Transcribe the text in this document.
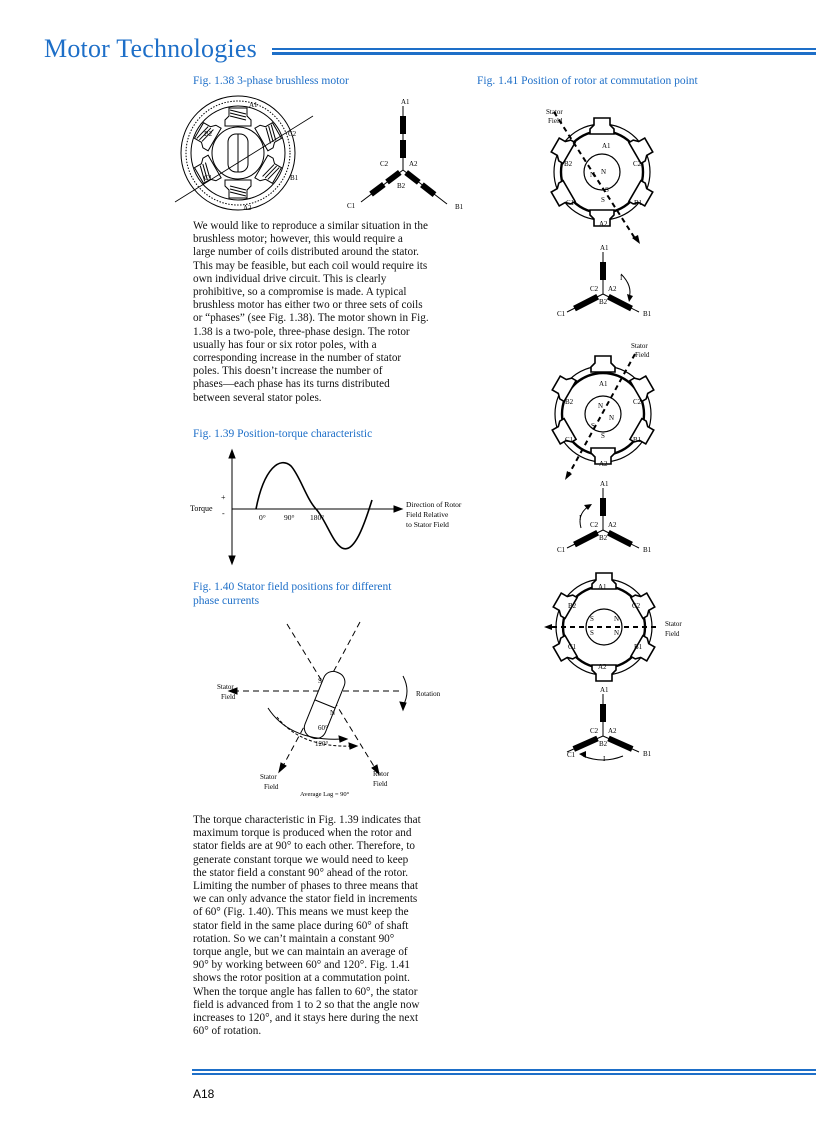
Motor Technologies
Fig. 1.38 3-phase brushless motor	Fig. 1.41 Position of rotor at commutation point
Fig. 1.39 Position-torque characteristic
Fig. 1.40 Stator field positions for different
phase currents

We would like to reproduce a similar situation in the
brushless motor; however, this would require a
large number of coils distributed around the stator.
This may be feasible, but each coil would require its
own individual drive circuit. This is clearly
prohibitive, so a compromise is made. A typical
brushless motor has either two or three sets of coils
or “phases” (see Fig. 1.38). The motor shown in Fig.
1.38 is a two-pole, three-phase design. The rotor
usually has four or six rotor poles, with a
corresponding increase in the number of stator
poles. This doesn’t increase the number of
phases—each phase has its turns distributed
between several stator poles.

The torque characteristic in Fig. 1.39 indicates that
maximum torque is produced when the rotor and
stator fields are at 90° to each other. Therefore, to
generate constant torque we would need to keep
the stator field a constant 90° ahead of the rotor.
Limiting the number of phases to three means that
we can only advance the stator field in increments
of 60° (Fig. 1.40). This means we must keep the
stator field in the same place during 60° of shaft
rotation. So we can’t maintain a constant 90°
torque angle, but we can maintain an average of
90° by working between 60° and 120°. Fig. 1.41
shows the rotor position at a commutation point.
When the torque angle has fallen to 60°, the stator
field is advanced from 1 to 2 so that the angle now
increases to 120°, and it stays here during the next
60° of rotation.

A1
A2
B2	C2
C1	B1
A1
C2	A2
B2
C1	B1
Torque
+
-	0° 90° 180°
Direction of Rotor
Field Relative
to Stator Field
S
N
Stator
Field	Rotation
60°
120°
Stator
Field
Rotor
Field
Average Lag = 90°
Stator
Field
A1
A2
B2	C2
C1	B1
N N
S
S
A1
C2 A2
B2
I
C1	B1
Stator
Field
A1
A2
B2	C2
C1	B1
N
N
S
S
A1
C2 A2
B2
I
C1	B1
A1
A2
B2	C2
C1	B1
S
S
N
N
Stator
Field
A1
C2 A2
B2
I
C1	B1
A18
